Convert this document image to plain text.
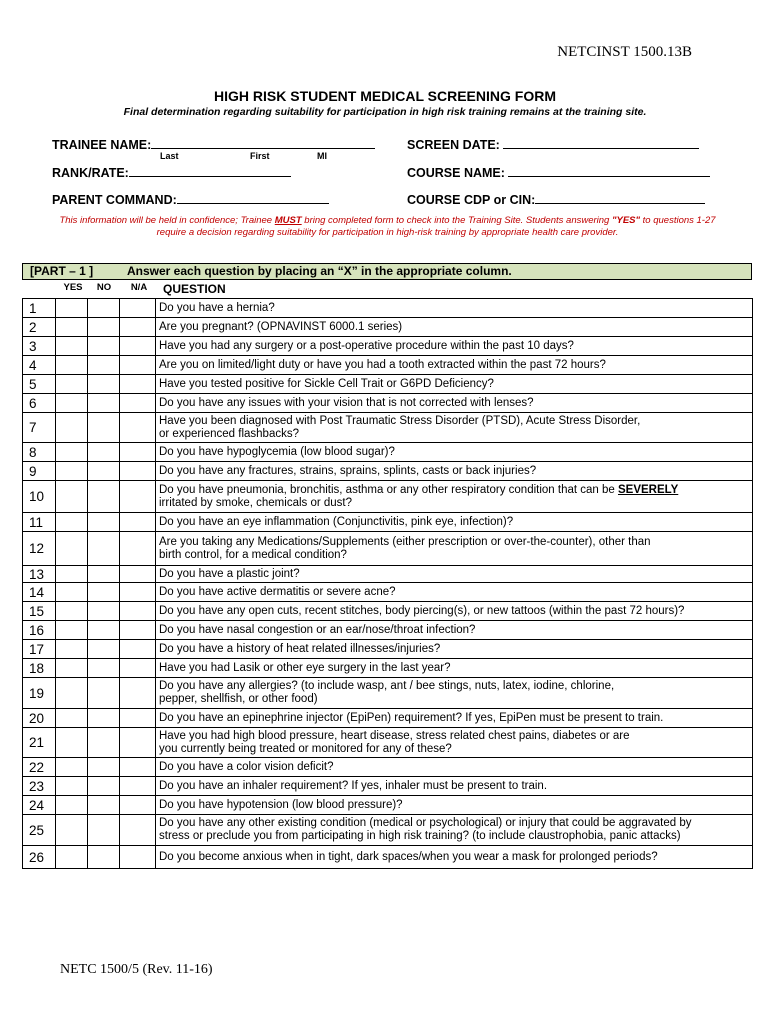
NETCINST 1500.13B
HIGH RISK STUDENT MEDICAL SCREENING FORM
Final determination regarding suitability for participation in high risk training remains at the training site.
TRAINEE NAME:
Last	First	MI
SCREEN DATE:
RANK/RATE:	COURSE NAME:
PARENT COMMAND:	COURSE CDP or CIN:
This information will be held in confidence; Trainee MUST bring completed form to check into the Training Site. Students answering "YES" to questions 1-27 require a decision regarding suitability for participation in high-risk training by appropriate health care provider.
[PART – 1 ]	Answer each question by placing an “X” in the appropriate column.
YES	NO	N/A	QUESTION
1				Do you have a hernia?
2				Are you pregnant? (OPNAVINST 6000.1 series)
3				Have you had any surgery or a post-operative procedure within the past 10 days?
4				Are you on limited/light duty or have you had a tooth extracted within the past 72 hours?
5				Have you tested positive for Sickle Cell Trait or G6PD Deficiency?
6				Do you have any issues with your vision that is not corrected with lenses?
7				Have you been diagnosed with Post Traumatic Stress Disorder (PTSD), Acute Stress Disorder,
or experienced flashbacks?
8				Do you have hypoglycemia (low blood sugar)?
9				Do you have any fractures, strains, sprains, splints, casts or back injuries?
10				Do you have pneumonia, bronchitis, asthma or any other respiratory condition that can be SEVERELY
irritated by smoke, chemicals or dust?
11				Do you have an eye inflammation (Conjunctivitis, pink eye, infection)?
12				Are you taking any Medications/Supplements (either prescription or over-the-counter), other than
birth control, for a medical condition?
13				Do you have a plastic joint?
14				Do you have active dermatitis or severe acne?
15				Do you have any open cuts, recent stitches, body piercing(s), or new tattoos (within the past 72 hours)?
16				Do you have nasal congestion or an ear/nose/throat infection?
17				Do you have a history of heat related illnesses/injuries?
18				Have you had Lasik or other eye surgery in the last year?
19				Do you have any allergies? (to include wasp, ant / bee stings, nuts, latex, iodine, chlorine,
pepper, shellfish, or other food)
20				Do you have an epinephrine injector (EpiPen) requirement? If yes, EpiPen must be present to train.
21				Have you had high blood pressure, heart disease, stress related chest pains, diabetes or are
you currently being treated or monitored for any of these?
22				Do you have a color vision deficit?
23				Do you have an inhaler requirement? If yes, inhaler must be present to train.
24				Do you have hypotension (low blood pressure)?
25				Do you have any other existing condition (medical or psychological) or injury that could be aggravated by
stress or preclude you from participating in high risk training? (to include claustrophobia, panic attacks)
26				Do you become anxious when in tight, dark spaces/when you wear a mask for prolonged periods?
NETC 1500/5 (Rev. 11-16)
